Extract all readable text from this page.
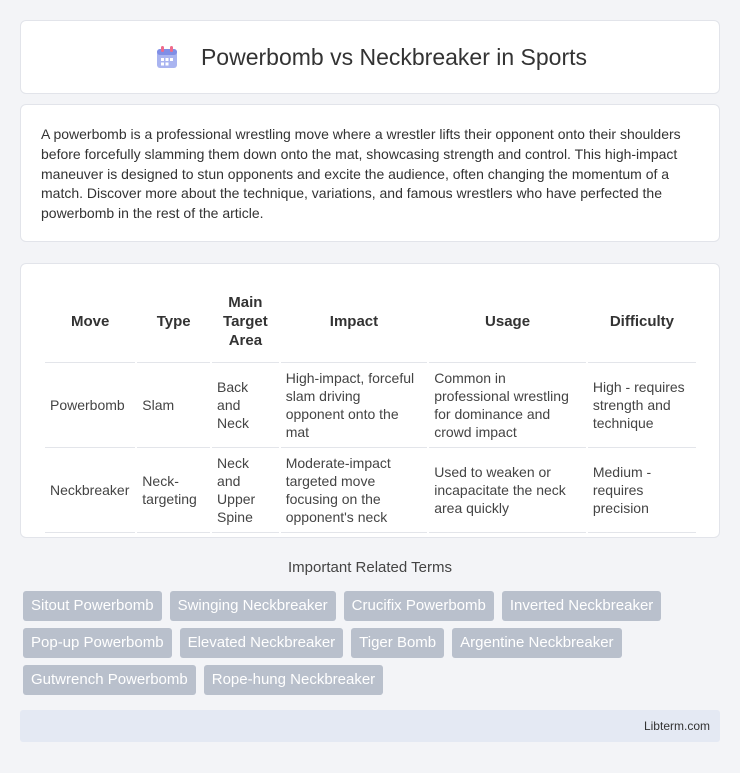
Powerbomb vs Neckbreaker in Sports

A powerbomb is a professional wrestling move where a wrestler lifts their opponent onto their shoulders before forcefully slamming them down onto the mat, showcasing strength and control. This high-impact maneuver is designed to stun opponents and excite the audience, often changing the momentum of a match. Discover more about the technique, variations, and famous wrestlers who have perfected the powerbomb in the rest of the article.

Move	Type	Main Target Area	Impact	Usage	Difficulty
Powerbomb	Slam	Back and Neck	High-impact, forceful slam driving opponent onto the mat	Common in professional wrestling for dominance and crowd impact	High - requires strength and technique
Neckbreaker	Neck-targeting	Neck and Upper Spine	Moderate-impact targeted move focusing on the opponent's neck	Used to weaken or incapacitate the neck area quickly	Medium - requires precision
Important Related Terms
Sitout Powerbomb	Swinging Neckbreaker	Crucifix Powerbomb	Inverted Neckbreaker
Pop-up Powerbomb	Elevated Neckbreaker	Tiger Bomb	Argentine Neckbreaker
Gutwrench Powerbomb	Rope-hung Neckbreaker
Libterm.com
